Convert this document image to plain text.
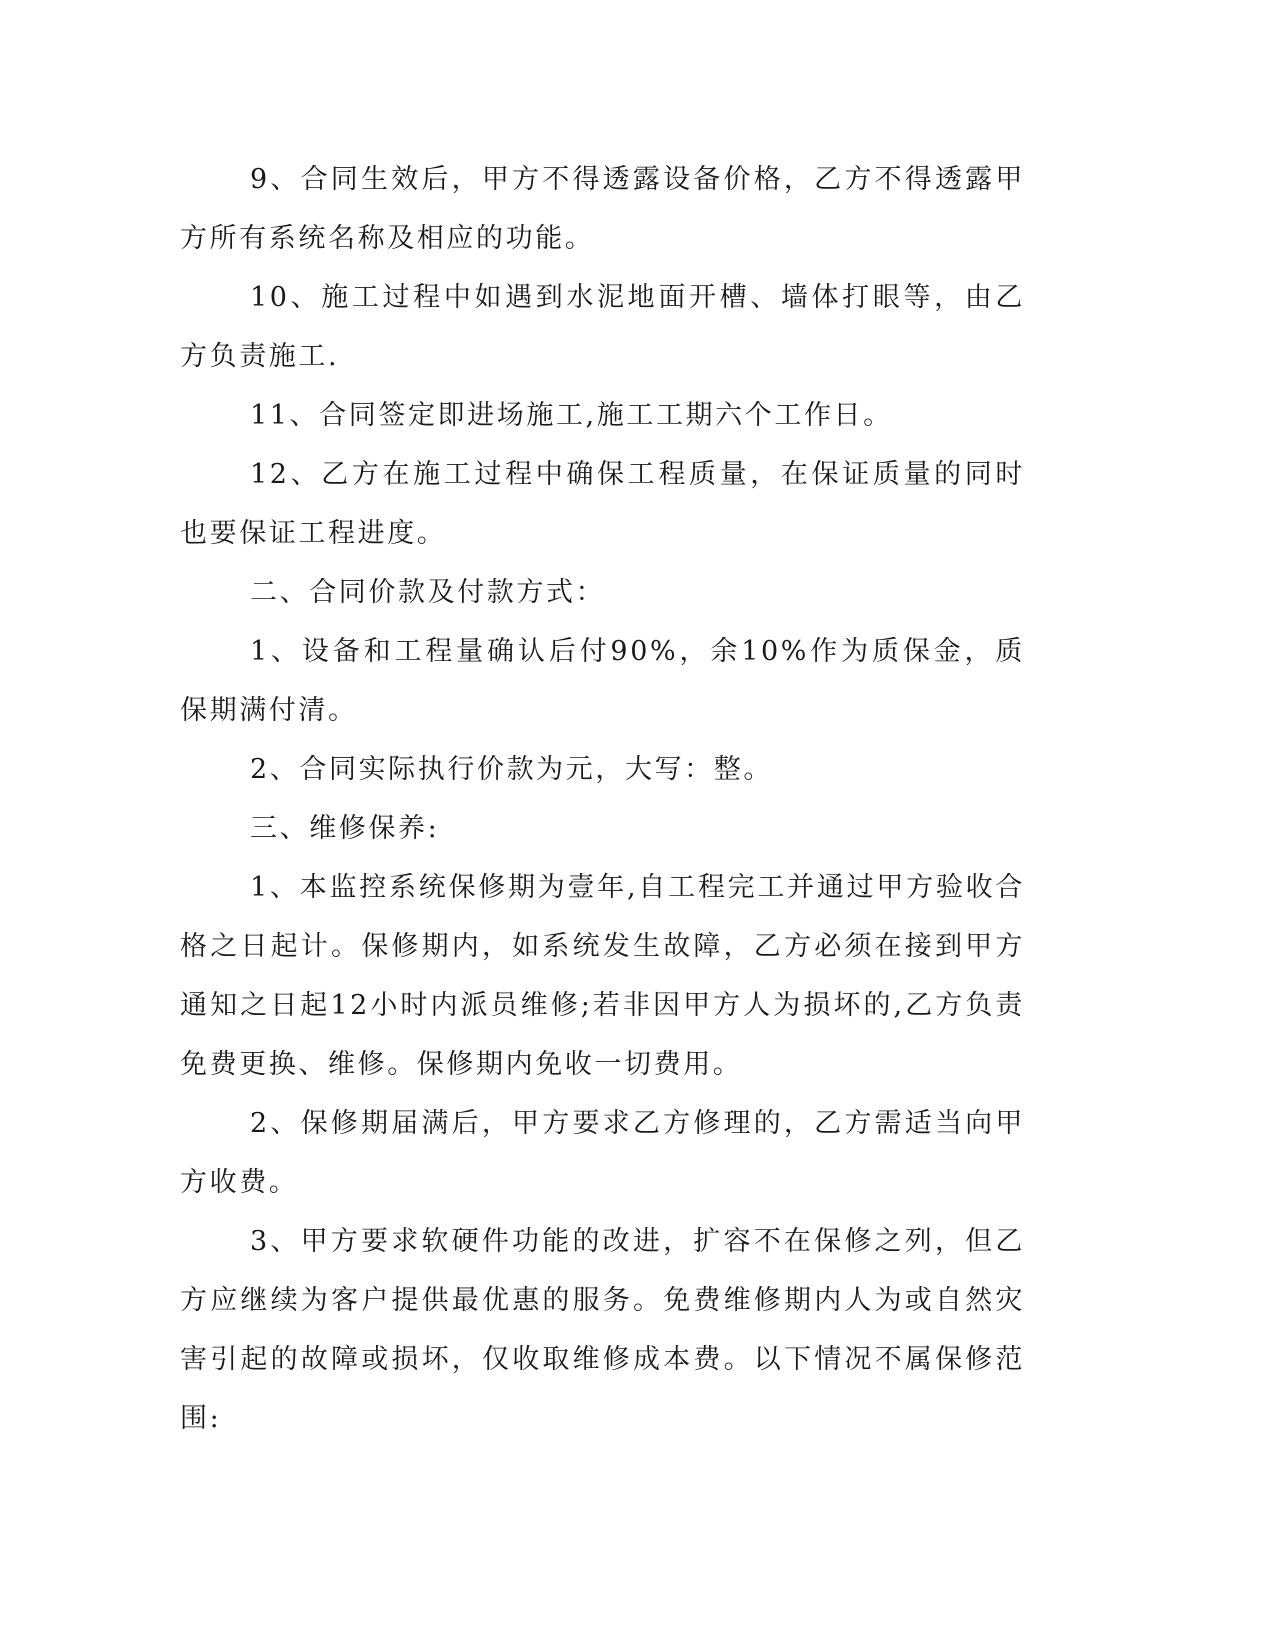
9、合同生效后，甲方不得透露设备价格，乙方不得透露甲方所有系统名称及相应的功能。

10、施工过程中如遇到水泥地面开槽、墙体打眼等，由乙方负责施工.

11、合同签定即进场施工,施工工期六个工作日。

12、乙方在施工过程中确保工程质量，在保证质量的同时也要保证工程进度。

二、合同价款及付款方式：

1、设备和工程量确认后付90%，余10%作为质保金，质保期满付清。

2、合同实际执行价款为元，大写：整。

三、维修保养:

1、本监控系统保修期为壹年,自工程完工并通过甲方验收合格之日起计。保修期内，如系统发生故障，乙方必须在接到甲方通知之日起12小时内派员维修;若非因甲方人为损坏的,乙方负责免费更换、维修。保修期内免收一切费用。

2、保修期届满后，甲方要求乙方修理的，乙方需适当向甲方收费。

3、甲方要求软硬件功能的改进，扩容不在保修之列，但乙方应继续为客户提供最优惠的服务。免费维修期内人为或自然灾害引起的故障或损坏，仅收取维修成本费。以下情况不属保修范围:
